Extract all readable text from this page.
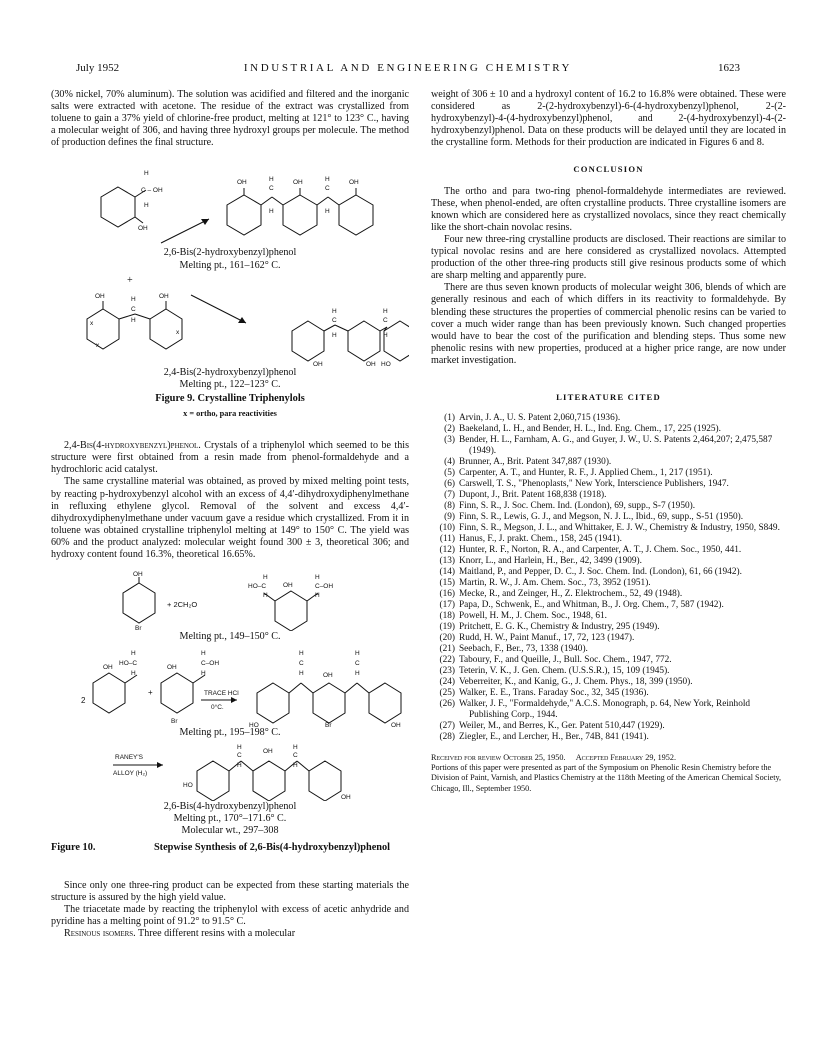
July 1952	INDUSTRIAL AND ENGINEERING CHEMISTRY	1623

(30% nickel, 70% aluminum). The solution was acidified and filtered and the inorganic salts were extracted with acetone. The residue of the extract was crystallized from toluene to gain a 37% yield of chlorine-free product, melting at 121° to 123° C., having a molecular weight of 306, and having three hydroxyl groups per molecule. The method of production defines the final structure.

H
C – OH
H
OH
OH	H
C
H
OH	H
C
H
OH

2,6-Bis(2-hydroxybenzyl)phenol

Melting pt., 161–162° C.

+
OH	H
C
H
OH
x
x
x
H
C
H
H
C
H
OH	OH HO

2,4-Bis(2-hydroxybenzyl)phenol

Melting pt., 122–123° C.

Figure 9. Crystalline Triphenylols

x = ortho, para reactivities

2,4-Bis(4-hydroxybenzyl)phenol. Crystals of a triphenylol which seemed to be this structure were first obtained from a resin made from phenol-formaldehyde and a hydrochloric acid catalyst.

The same crystalline material was obtained, as proved by mixed melting point tests, by reacting p-hydroxybenzyl alcohol with an excess of 4,4′-dihydroxydiphenylmethane in refluxing ethylene glycol. Removal of the solvent and excess 4,4′-dihydroxydiphenylmethane under vacuum gave a residue which crystallized. From it in toluene was obtained crystalline triphenylol melting at 149° to 150° C. The yield was 60% and the product analyzed: molecular weight found 300 ± 3, theoretical 306; and hydroxy content found 16.3%, theoretical 16.65%.

OH
Br
+ 2CH₂O
H
HO–C
H
OH
H
C–OH
H

Melting pt., 149–150° C.

2
OH
H
HO–C
H
+
OH
H
C–OH
H
Br
TRACE HCl
0°C.
H
C
H	OH
H
C
H
HO	Br	OH

Melting pt., 195–198° C.

RANEY'S
ALLOY (H₂)
H
C
H
OH
H
C
H
HO
OH

2,6-Bis(4-hydroxybenzyl)phenol

Melting pt., 170°–171.6° C.

Molecular wt., 297–308

Figure 10.	Stepwise Synthesis of 2,6-Bis(4-hydroxybenzyl)phenol

Since only one three-ring product can be expected from these starting materials the structure is assured by the high yield value.

The triacetate made by reacting the triphenylol with excess of acetic anhydride and pyridine has a melting point of 91.2° to 91.5° C.

Resinous isomers. Three different resins with a molecular

weight of 306 ± 10 and a hydroxyl content of 16.2 to 16.8% were obtained. These were considered as 2-(2-hydroxybenzyl)-6-(4-hydroxybenzyl)phenol, 2-(2-hydroxybenzyl)-4-(4-hydroxybenzyl)phenol, and 2-(4-hydroxybenzyl)-4-(2-hydroxybenzyl)phenol. Data on these products will be delayed until they are located in the crystalline form. Methods for their production are indicated in Figures 6 and 8.

CONCLUSION

The ortho and para two-ring phenol-formaldehyde intermediates are reviewed. These, when phenol-ended, are often crystalline products. Three crystalline isomers are known which are considered here as crystallized novolacs, since they react chemically like the short-chain novolac resins.

Four new three-ring crystalline products are disclosed. Their reactions are similar to typical novolac resins and are here considered as crystallized novolacs. Attempted production of the other three-ring products still give resinous products some of which are sharp melting and apparently pure.

There are thus seven known products of molecular weight 306, blends of which are generally resinous and each of which differs in its reactivity to formaldehyde. By blending these structures the properties of commercial phenolic resins can be varied to cover a much wider range than has been previously known. Such changed properties would have to bear the cost of the purification and blending steps. Thus some new phenolic resins with new properties, produced at a higher price range, are now under market investigation.

LITERATURE CITED
(1) Arvin, J. A., U. S. Patent 2,060,715 (1936).
(2) Baekeland, L. H., and Bender, H. L., Ind. Eng. Chem., 17, 225 (1925).
(3) Bender, H. L., Farnham, A. G., and Guyer, J. W., U. S. Patents 2,464,207; 2,475,587 (1949).
(4) Brunner, A., Brit. Patent 347,887 (1930).
(5) Carpenter, A. T., and Hunter, R. F., J. Applied Chem., 1, 217 (1951).
(6) Carswell, T. S., "Phenoplasts," New York, Interscience Publishers, 1947.
(7) Dupont, J., Brit. Patent 168,838 (1918).
(8) Finn, S. R., J. Soc. Chem. Ind. (London), 69, supp., S-7 (1950).
(9) Finn, S. R., Lewis, G. J., and Megson, N. J. L., Ibid., 69, supp., S-51 (1950).
(10) Finn, S. R., Megson, J. L., and Whittaker, E. J. W., Chemistry & Industry, 1950, S849.
(11) Hanus, F., J. prakt. Chem., 158, 245 (1941).
(12) Hunter, R. F., Norton, R. A., and Carpenter, A. T., J. Chem. Soc., 1950, 441.
(13) Knorr, L., and Harlein, H., Ber., 42, 3499 (1909).
(14) Maitland, P., and Pepper, D. C., J. Soc. Chem. Ind. (London), 61, 66 (1942).
(15) Martin, R. W., J. Am. Chem. Soc., 73, 3952 (1951).
(16) Mecke, R., and Zeinger, H., Z. Elektrochem., 52, 49 (1948).
(17) Papa, D., Schwenk, E., and Whitman, B., J. Org. Chem., 7, 587 (1942).
(18) Powell, H. M., J. Chem. Soc., 1948, 61.
(19) Pritchett, E. G. K., Chemistry & Industry, 295 (1949).
(20) Rudd, H. W., Paint Manuf., 17, 72, 123 (1947).
(21) Seebach, F., Ber., 73, 1338 (1940).
(22) Taboury, F., and Queille, J., Bull. Soc. Chem., 1947, 772.
(23) Teterin, V. K., J. Gen. Chem. (U.S.S.R.), 15, 109 (1945).
(24) Veberreiter, K., and Kanig, G., J. Chem. Phys., 18, 399 (1950).
(25) Walker, E. E., Trans. Faraday Soc., 32, 345 (1936).
(26) Walker, J. F., "Formaldehyde," A.C.S. Monograph, p. 64, New York, Reinhold Publishing Corp., 1944.
(27) Weiler, M., and Berres, K., Ger. Patent 510,447 (1929).
(28) Ziegler, E., and Lercher, H., Ber., 74B, 841 (1941).

Received for review October 25, 1950. Accepted February 29, 1952.
Portions of this paper were presented as part of the Symposium on Phenolic Resin Chemistry before the Division of Paint, Varnish, and Plastics Chemistry at the 118th Meeting of the American Chemical Society, Chicago, Ill., September 1950.
